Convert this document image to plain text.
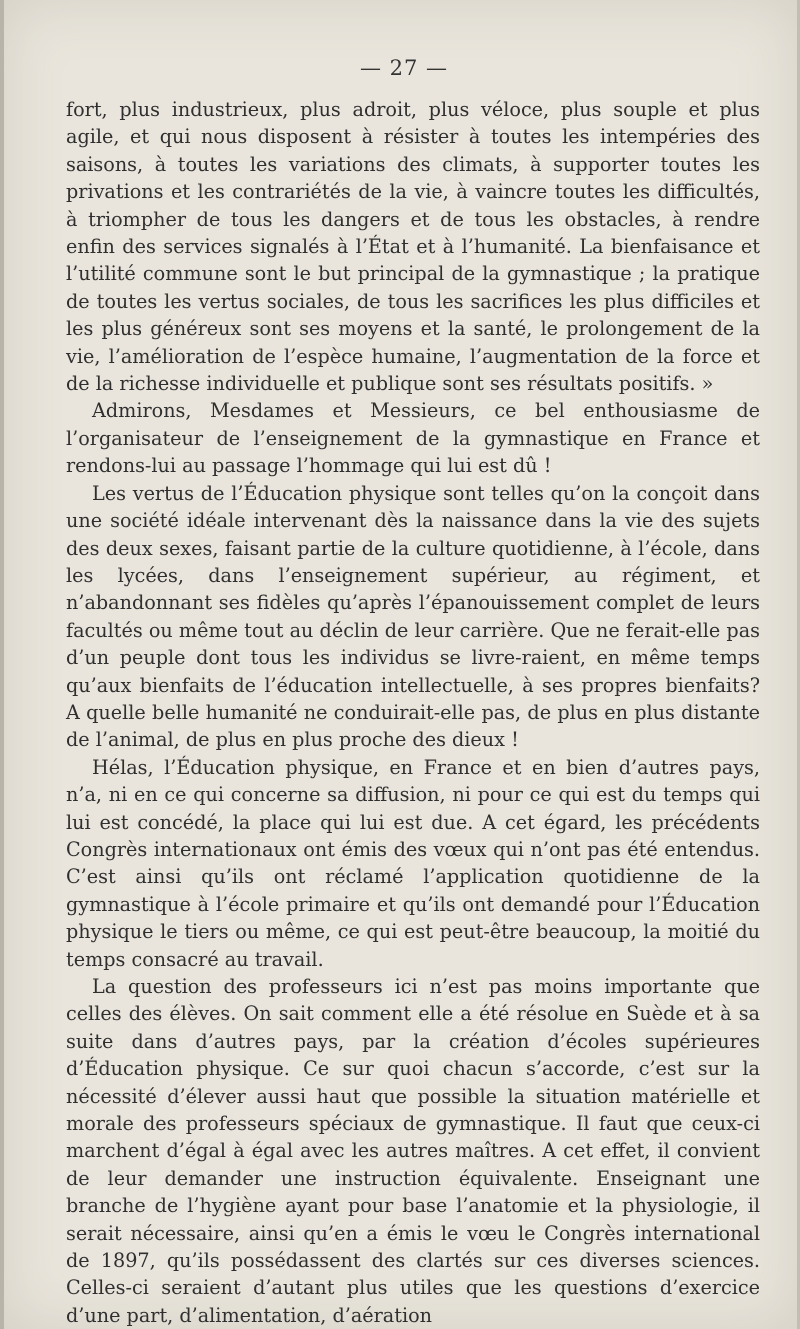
— 27 —

fort, plus industrieux, plus adroit, plus véloce, plus souple et plus agile, et qui nous disposent à résister à toutes les intempéries des saisons, à toutes les variations des climats, à supporter toutes les privations et les contrariétés de la vie, à vaincre toutes les difficultés, à triompher de tous les dangers et de tous les obstacles, à rendre enfin des services signalés à l’État et à l’humanité. La bienfaisance et l’utilité commune sont le but principal de la gymnastique ; la pratique de toutes les vertus sociales, de tous les sacrifices les plus difficiles et les plus généreux sont ses moyens et la santé, le prolongement de la vie, l’amélioration de l’espèce humaine, l’augmentation de la force et de la richesse individuelle et publique sont ses résultats positifs. »

Admirons, Mesdames et Messieurs, ce bel enthousiasme de l’organisateur de l’enseignement de la gymnastique en France et rendons-lui au passage l’hommage qui lui est dû !

Les vertus de l’Éducation physique sont telles qu’on la conçoit dans une société idéale intervenant dès la naissance dans la vie des sujets des deux sexes, faisant partie de la culture quotidienne, à l’école, dans les lycées, dans l’enseignement supérieur, au régiment, et n’abandonnant ses fidèles qu’après l’épanouissement complet de leurs facultés ou même tout au déclin de leur carrière. Que ne ferait-elle pas d’un peuple dont tous les individus se livre-raient, en même temps qu’aux bienfaits de l’éducation intellectuelle, à ses propres bienfaits? A quelle belle humanité ne conduirait-elle pas, de plus en plus distante de l’animal, de plus en plus proche des dieux !

Hélas, l’Éducation physique, en France et en bien d’autres pays, n’a, ni en ce qui concerne sa diffusion, ni pour ce qui est du temps qui lui est concédé, la place qui lui est due. A cet égard, les précédents Congrès internationaux ont émis des vœux qui n’ont pas été entendus. C’est ainsi qu’ils ont réclamé l’application quotidienne de la gymnastique à l’école primaire et qu’ils ont demandé pour l’Éducation physique le tiers ou même, ce qui est peut-être beaucoup, la moitié du temps consacré au travail.

La question des professeurs ici n’est pas moins importante que celles des élèves. On sait comment elle a été résolue en Suède et à sa suite dans d’autres pays, par la création d’écoles supérieures d’Éducation physique. Ce sur quoi chacun s’accorde, c’est sur la nécessité d’élever aussi haut que possible la situation matérielle et morale des professeurs spéciaux de gymnastique. Il faut que ceux-ci marchent d’égal à égal avec les autres maîtres. A cet effet, il convient de leur demander une instruction équivalente. Enseignant une branche de l’hygiène ayant pour base l’anatomie et la physiologie, il serait nécessaire, ainsi qu’en a émis le vœu le Congrès international de 1897, qu’ils possédassent des clartés sur ces diverses sciences. Celles-ci seraient d’autant plus utiles que les questions d’exercice d’une part, d’alimentation, d’aération
